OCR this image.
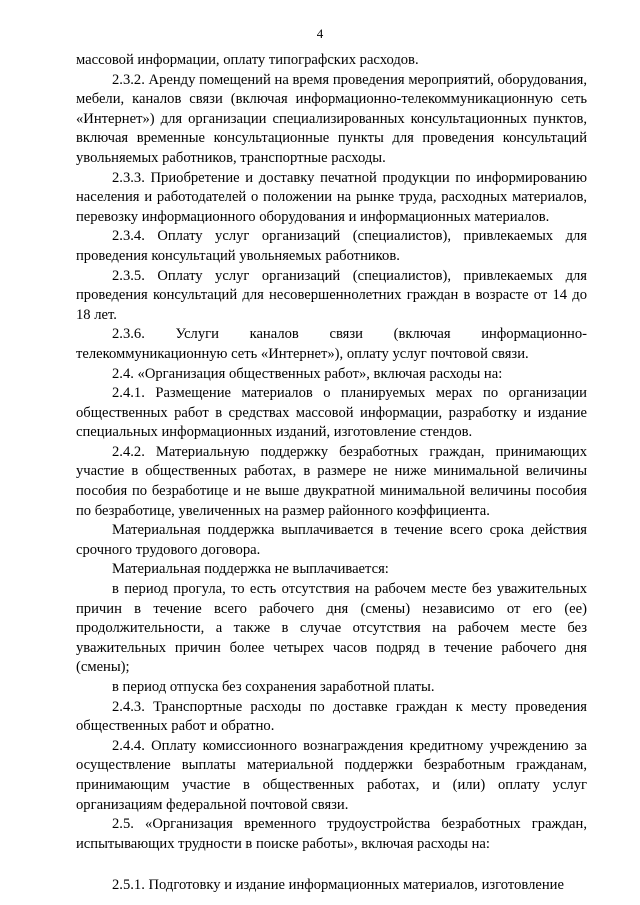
4

массовой информации, оплату типографских расходов.

2.3.2. Аренду помещений на время проведения мероприятий, оборудования, мебели, каналов связи (включая информационно-телекоммуникационную сеть «Интернет») для организации специализированных консультационных пунктов, включая временные консультационные пункты для проведения консультаций увольняемых работников, транспортные расходы.

2.3.3. Приобретение и доставку печатной продукции по информированию населения и работодателей о положении на рынке труда, расходных материалов, перевозку информационного оборудования и информационных материалов.

2.3.4. Оплату услуг организаций (специалистов), привлекаемых для проведения консультаций увольняемых работников.

2.3.5. Оплату услуг организаций (специалистов), привлекаемых для проведения консультаций для несовершеннолетних граждан в возрасте от 14 до 18 лет.

2.3.6. Услуги каналов связи (включая информационно-телекоммуникационную сеть «Интернет»), оплату услуг почтовой связи.

2.4. «Организация общественных работ», включая расходы на:

2.4.1. Размещение материалов о планируемых мерах по организации общественных работ в средствах массовой информации, разработку и издание специальных информационных изданий, изготовление стендов.

2.4.2. Материальную поддержку безработных граждан, принимающих участие в общественных работах, в размере не ниже минимальной величины пособия по безработице и не выше двукратной минимальной величины пособия по безработице, увеличенных на размер районного коэффициента.

Материальная поддержка выплачивается в течение всего срока действия срочного трудового договора.

Материальная поддержка не выплачивается:

в период прогула, то есть отсутствия на рабочем месте без уважительных причин в течение всего рабочего дня (смены) независимо от его (ее) продолжительности, а также в случае отсутствия на рабочем месте без уважительных причин более четырех часов подряд в течение рабочего дня (смены);

в период отпуска без сохранения заработной платы.

2.4.3. Транспортные расходы по доставке граждан к месту проведения общественных работ и обратно.

2.4.4. Оплату комиссионного вознаграждения кредитному учреждению за осуществление выплаты материальной поддержки безработным гражданам, принимающим участие в общественных работах, и (или) оплату услуг организациям федеральной почтовой связи.

2.5. «Организация временного трудоустройства безработных граждан, испытывающих трудности в поиске работы», включая расходы на:

2.5.1. Подготовку и издание информационных материалов, изготовление
